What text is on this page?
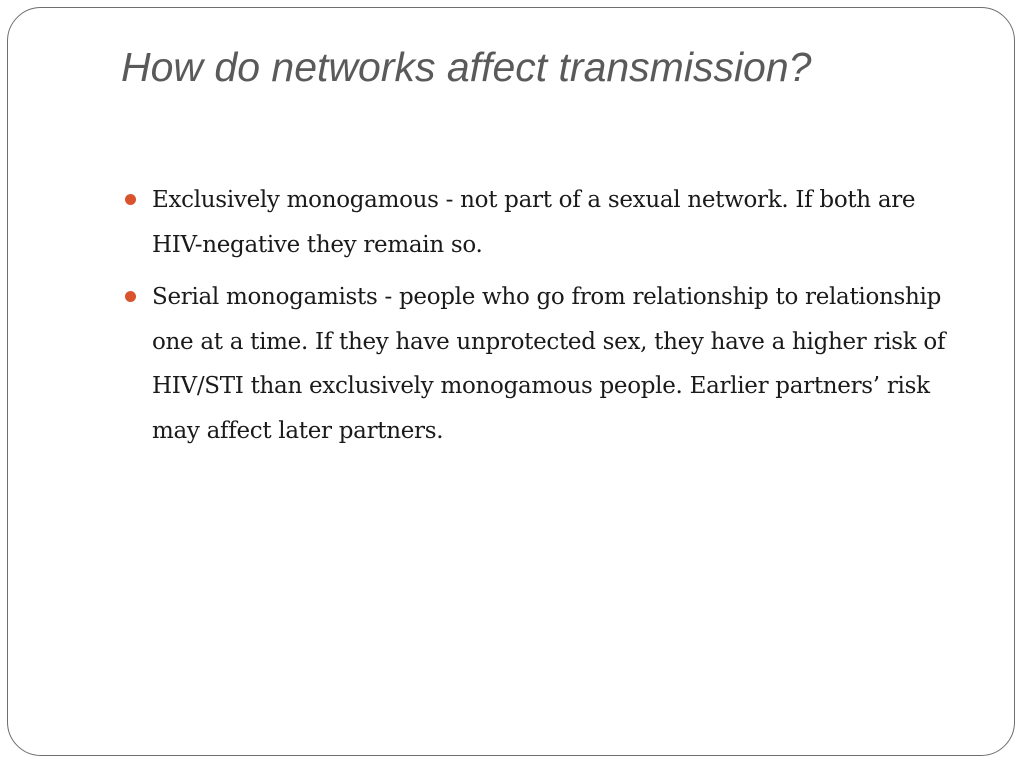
How do networks affect transmission?
Exclusively monogamous - not part of a sexual network. If both are HIV-negative they remain so.
Serial monogamists - people who go from relationship to relationship one at a time. If they have unprotected sex, they have a higher risk of HIV/STI than exclusively monogamous people. Earlier partners’ risk may affect later partners.
